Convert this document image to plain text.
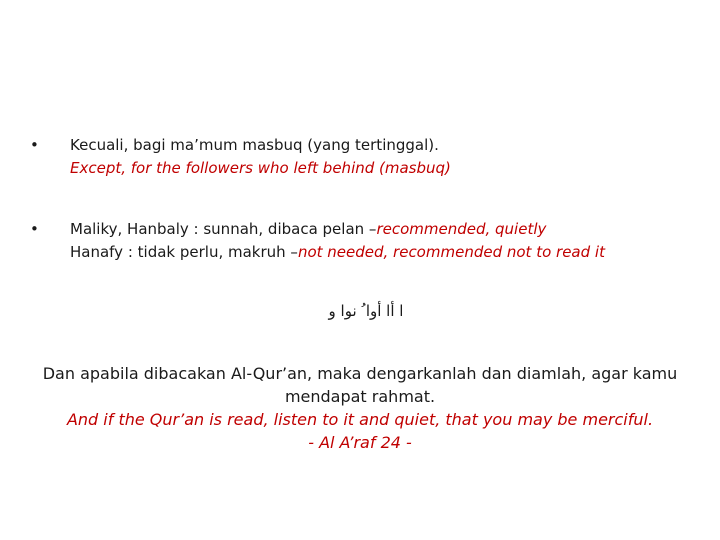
• Kecuali, bagi ma’mum masbuq (yang tertinggal).
Except, for the followers who left behind (masbuq)
• Maliky, Hanbaly : sunnah, dibaca pelan –recommended, quietly
Hanafy : tidak perlu, makruh –not needed, recommended not to read it
ا أا أوا ُ نوا و
Dan apabila dibacakan Al-Qur’an, maka dengarkanlah dan diamlah, agar kamu
mendapat rahmat.
And if the Qur’an is read, listen to it and quiet, that you may be merciful.
- Al A’raf 24 -
